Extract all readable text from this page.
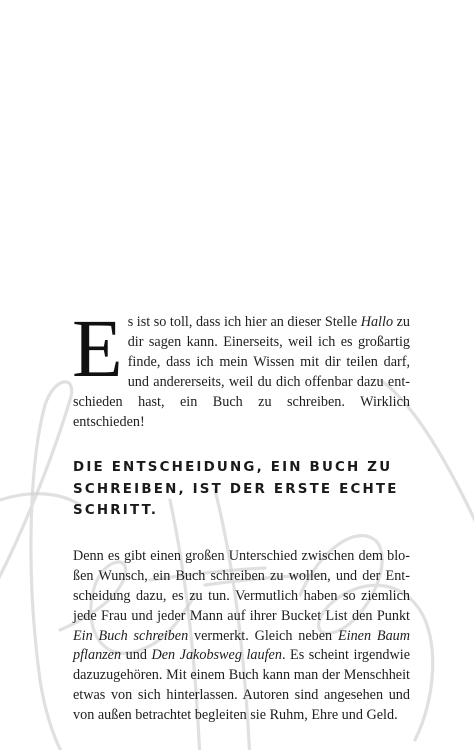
Es ist so toll, dass ich hier an dieser Stelle Hallo zu dir sagen kann. Einerseits, weil ich es großartig finde, dass ich mein Wissen mit dir teilen darf, und andererseits, weil du dich offenbar dazu entschieden hast, ein Buch zu schreiben. Wirklich entschieden!

DIE ENTSCHEIDUNG, EIN BUCH ZU
SCHREIBEN, IST DER ERSTE ECHTE
SCHRITT.

Denn es gibt einen großen Unterschied zwischen dem bloßen Wunsch, ein Buch schreiben zu wollen, und der Entscheidung dazu, es zu tun. Vermutlich haben so ziemlich jede Frau und jeder Mann auf ihrer Bucket List den Punkt Ein Buch schreiben vermerkt. Gleich neben Einen Baum pflanzen und Den Jakobsweg laufen. Es scheint irgendwie dazuzugehören. Mit einem Buch kann man der Menschheit etwas von sich hinterlassen. Autoren sind angesehen und von außen betrachtet begleiten sie Ruhm, Ehre und Geld.
